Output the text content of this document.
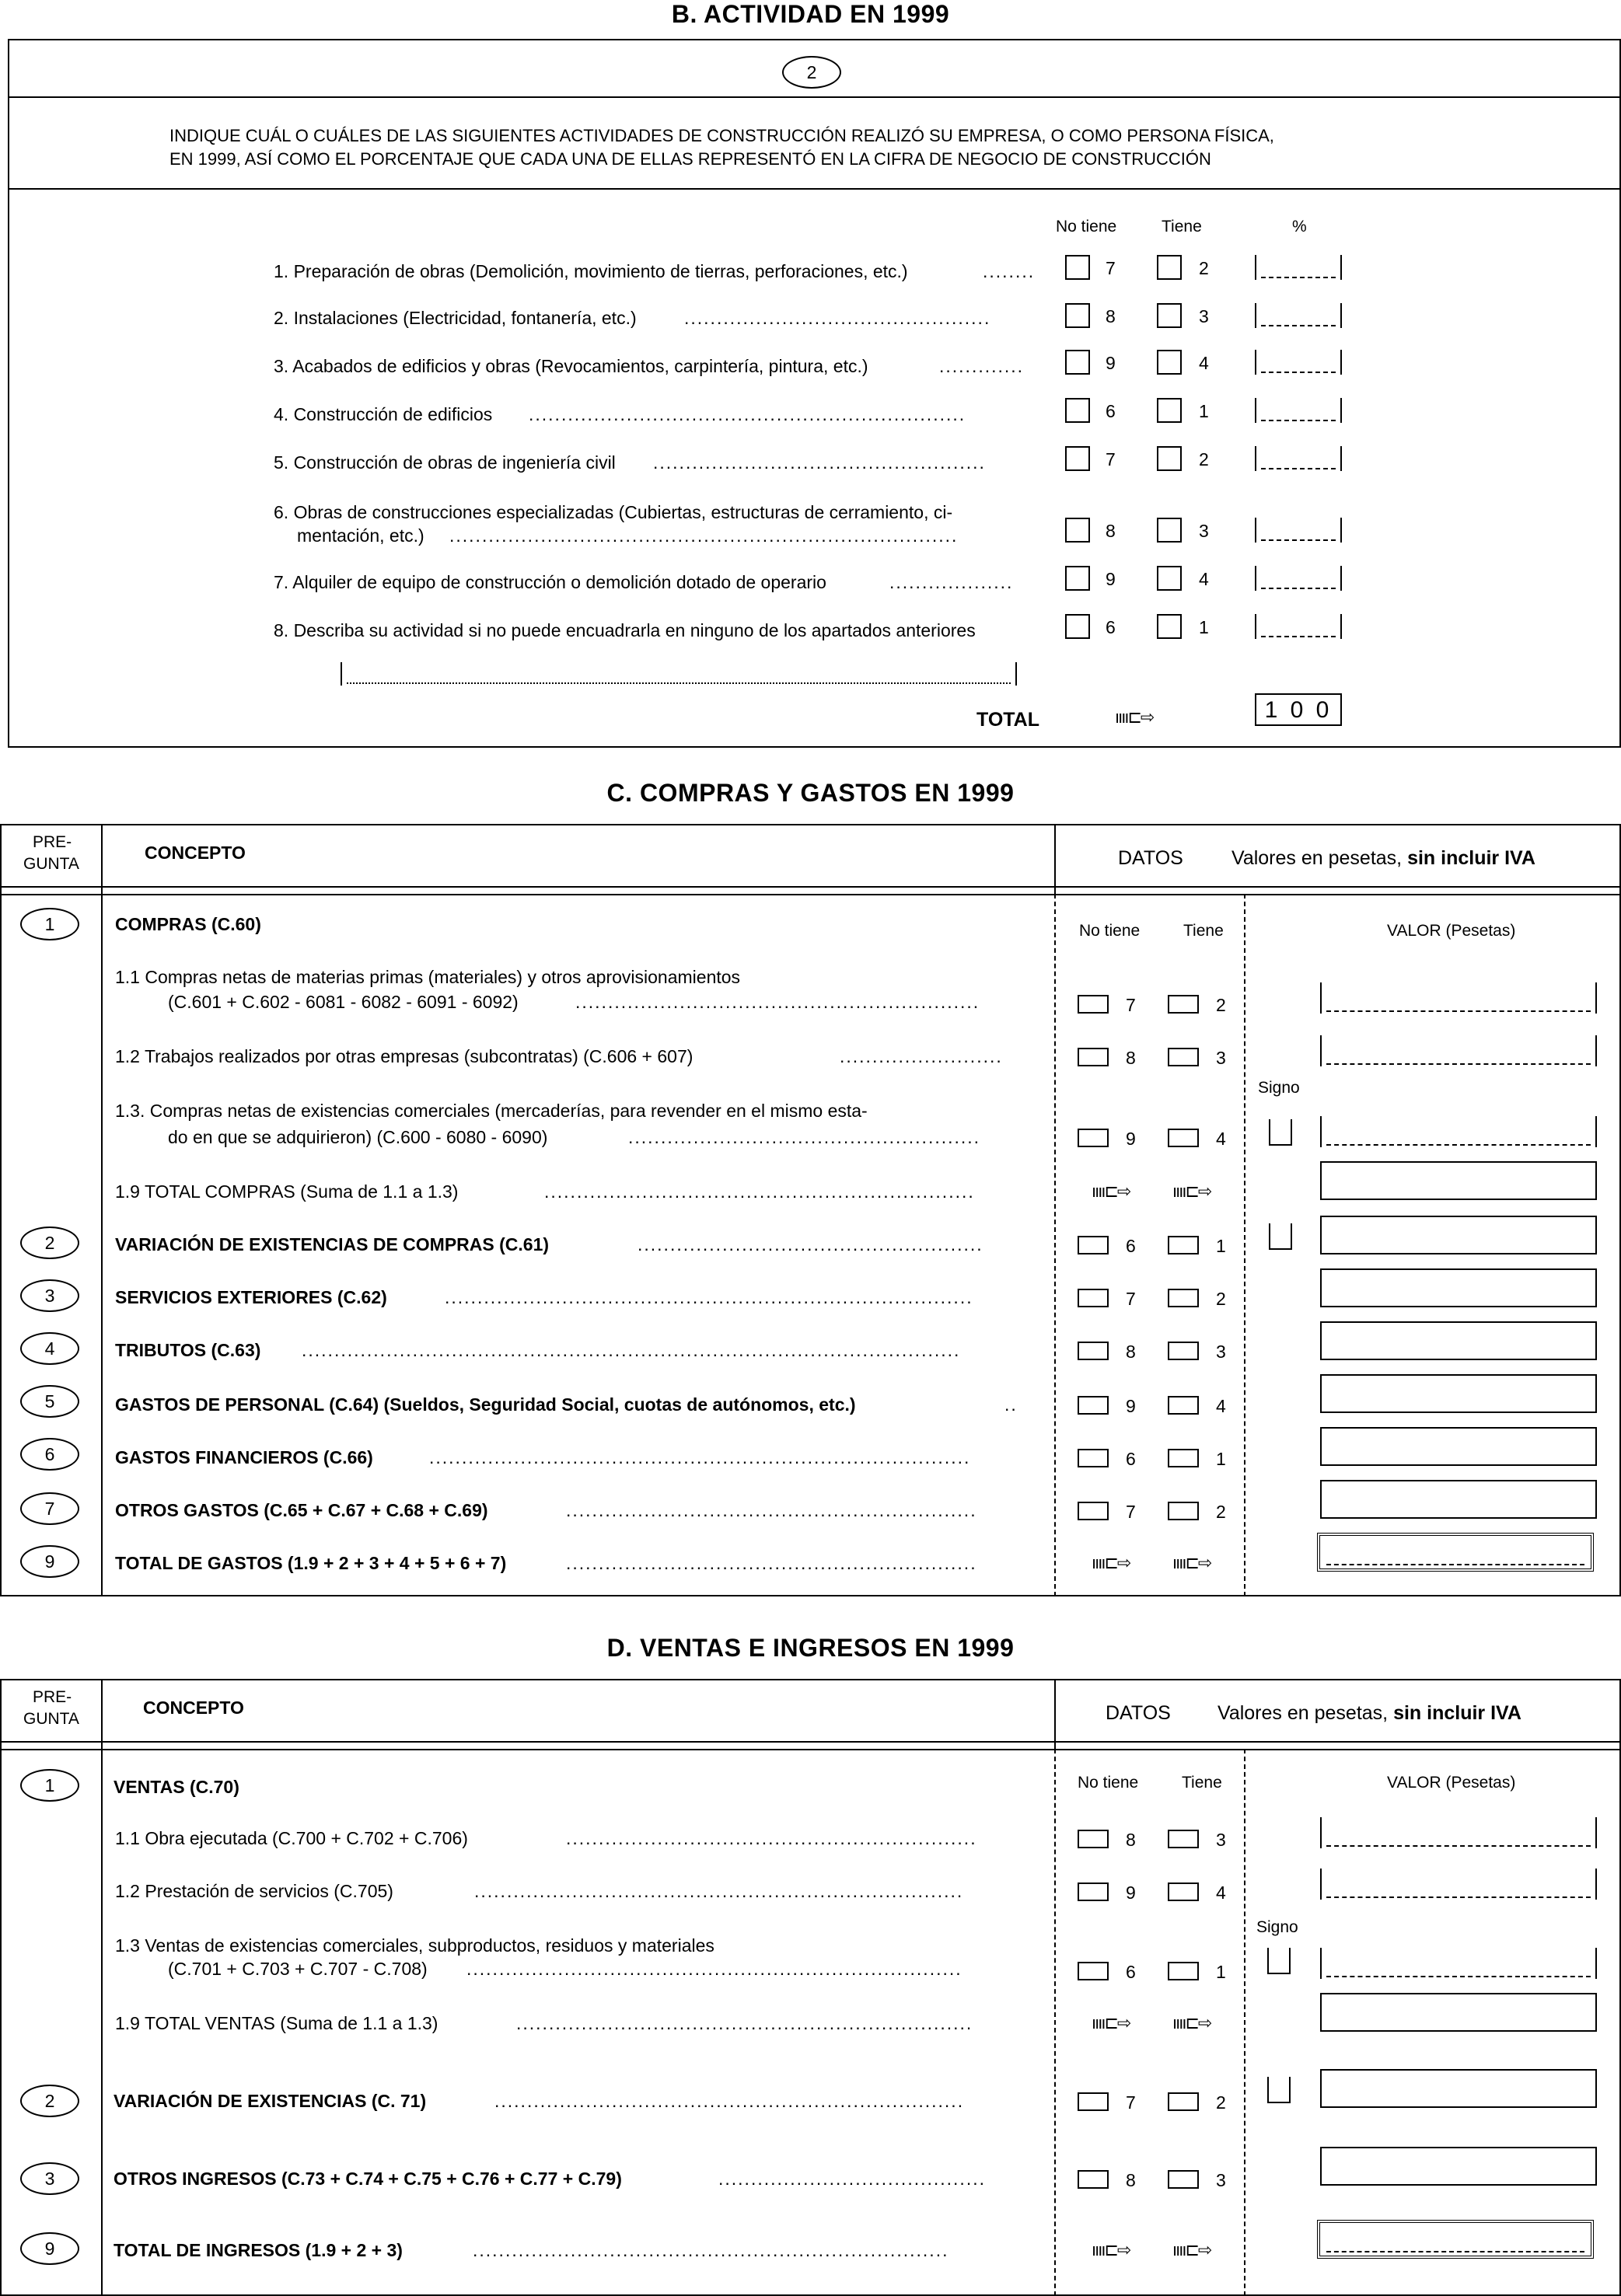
B. ACTIVIDAD EN 1999
2
INDIQUE CUÁL O CUÁLES DE LAS SIGUIENTES ACTIVIDADES DE CONSTRUCCIÓN REALIZÓ SU EMPRESA, O COMO PERSONA FÍSICA,
EN 1999, ASÍ COMO EL PORCENTAJE QUE CADA UNA DE ELLAS REPRESENTÓ EN LA CIFRA DE NEGOCIO DE CONSTRUCCIÓN
No tiene	Tiene	%
1. Preparación de obras (Demolición, movimiento de tierras, perforaciones, etc.)	........	7	2
2. Instalaciones (Electricidad, fontanería, etc.)	...............................................	8	3
3. Acabados de edificios y obras (Revocamientos, carpintería, pintura, etc.)	.............	9	4
4. Construcción de edificios ...................................................................	6	1
5. Construcción de obras de ingeniería civil ...................................................	7	2
6. Obras de construcciones especializadas (Cubiertas, estructuras de cerramiento, ci-
mentación, etc.) ..............................................................................	8	3
7. Alquiler de equipo de construcción o demolición dotado de operario	...................	9	4
8. Describa su actividad si no puede encuadrarla en ninguno de los apartados anteriores	6	1
TOTAL	ıııı⊏⇨	1 0 0
C. COMPRAS Y GASTOS EN 1999
PRE-
GUNTA
CONCEPTO	DATOS Valores en pesetas, sin incluir IVA
No tiene	Tiene	VALOR (Pesetas)
Signo
1	COMPRAS (C.60)
1.1 Compras netas de materias primas (materiales) y otros aprovisionamientos
(C.601 + C.602 - 6081 - 6082 - 6091 - 6092)	..............................................................	7	2
1.2 Trabajos realizados por otras empresas (subcontratas) (C.606 + 607)	.........................	8	3
1.3. Compras netas de existencias comerciales (mercaderías, para revender en el mismo esta-
do en que se adquirieron) (C.600 - 6080 - 6090)	......................................................	9	4
1.9 TOTAL COMPRAS (Suma de 1.1 a 1.3)	..................................................................	ıııı⊏⇨ ıııı⊏⇨
2	VARIACIÓN DE EXISTENCIAS DE COMPRAS (C.61)	.....................................................	6	1
3	SERVICIOS EXTERIORES (C.62)	.................................................................................	7	2
4	TRIBUTOS (C.63) .....................................................................................................	8	3
5	GASTOS DE PERSONAL (C.64) (Sueldos, Seguridad Social, cuotas de autónomos, etc.)	..	9	4
6	GASTOS FINANCIEROS (C.66)	...................................................................................	6	1
7	OTROS GASTOS (C.65 + C.67 + C.68 + C.69)	...............................................................	7	2
9	TOTAL DE GASTOS (1.9 + 2 + 3 + 4 + 5 + 6 + 7)	...............................................................	ıııı⊏⇨ ıııı⊏⇨
D. VENTAS E INGRESOS EN 1999
PRE-
GUNTA
CONCEPTO	DATOS Valores en pesetas, sin incluir IVA
No tiene	Tiene	VALOR (Pesetas)
Signo
1	VENTAS (C.70)
1.1 Obra ejecutada (C.700 + C.702 + C.706)	...............................................................	8	3
1.2 Prestación de servicios (C.705)	...........................................................................	9	4
1.3 Ventas de existencias comerciales, subproductos, residuos y materiales
(C.701 + C.703 + C.707 - C.708) ............................................................................	6	1
1.9 TOTAL VENTAS (Suma de 1.1 a 1.3)	......................................................................	ıııı⊏⇨ ıııı⊏⇨
2	VARIACIÓN DE EXISTENCIAS (C. 71)	........................................................................	7	2
3	OTROS INGRESOS (C.73 + C.74 + C.75 + C.76 + C.77 + C.79)	.........................................	8	3
9	TOTAL DE INGRESOS (1.9 + 2 + 3)	.........................................................................	ıııı⊏⇨ ıııı⊏⇨
